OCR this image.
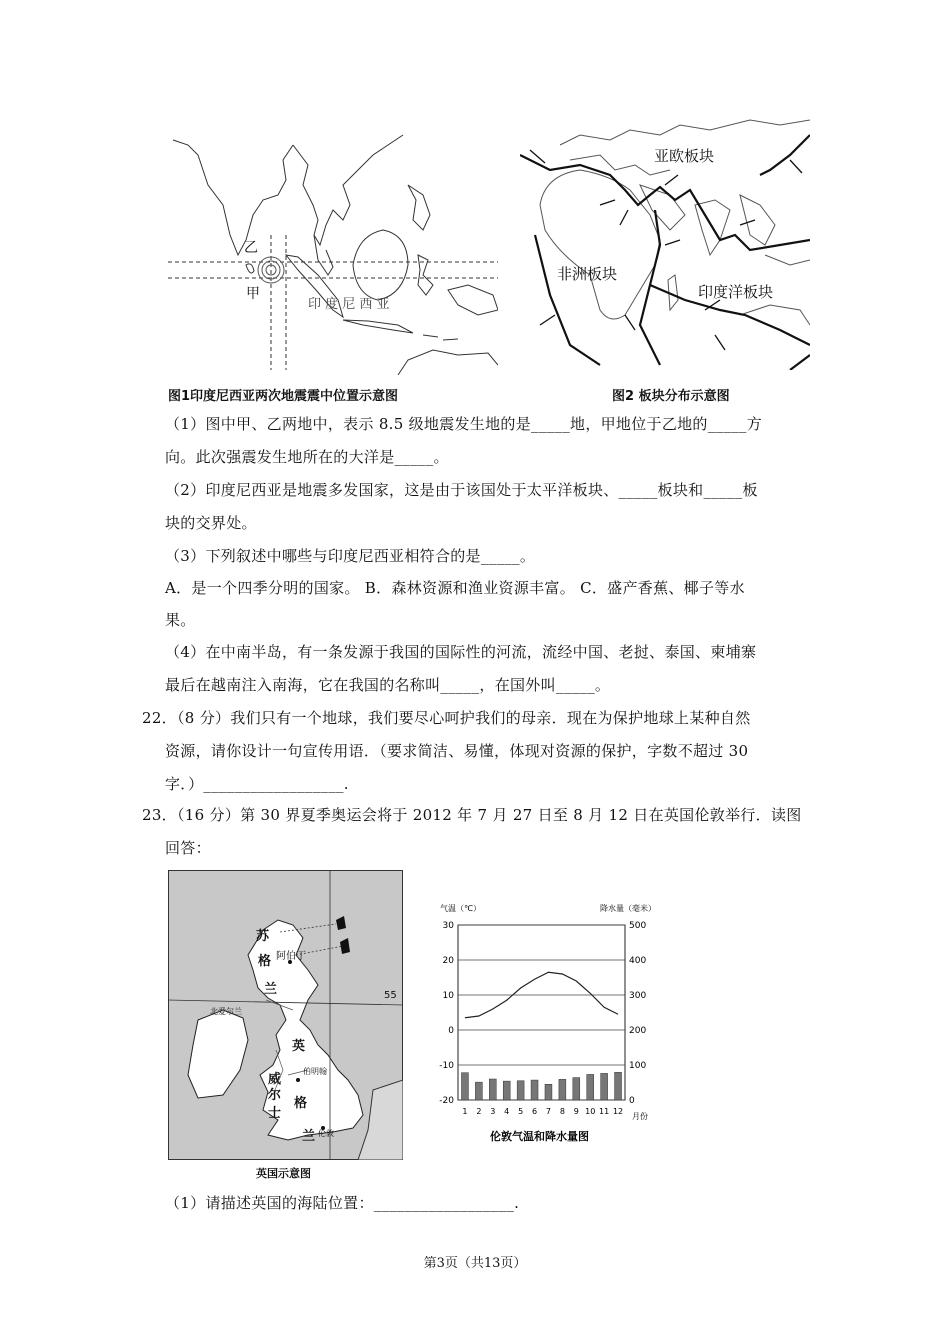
乙
甲
印 度 尼 西 亚
图1印度尼西亚两次地震震中位置示意图
亚欧板块
非洲板块
印度洋板块
图2 板块分布示意图
（1）图中甲、乙两地中，表示 8.5 级地震发生地的是_____地，甲地位于乙地的_____方
向。此次强震发生地所在的大洋是_____。
（2）印度尼西亚是地震多发国家，这是由于该国处于太平洋板块、_____板块和_____板
块的交界处。
（3）下列叙述中哪些与印度尼西亚相符合的是_____。
A．是一个四季分明的国家。 B．森林资源和渔业资源丰富。 C．盛产香蕉、椰子等水
果。
（4）在中南半岛，有一条发源于我国的国际性的河流，流经中国、老挝、泰国、柬埔寨
最后在越南注入南海，它在我国的名称叫_____，在国外叫_____。
22．（8 分）我们只有一个地球，我们要尽心呵护我们的母亲．现在为保护地球上某种自然
资源，请你设计一句宣传用语．（要求简洁、易懂，体现对资源的保护，字数不超过 30
字．）__________________.
23．（16 分）第 30 界夏季奥运会将于 2012 年 7 月 27 日至 8 月 12 日在英国伦敦举行．读图
回答：
苏
阿伯丁
格
兰
北爱尔兰
55
英
格
兰
威
尔
士
伯明翰
伦敦
英国示意图
气温（℃）	降水量（毫米）
30
20
10
0
-10
-20
500
400
300
200
100
0
1 2 3 4 5 6 7 8 9 10 11 12
月份
伦敦气温和降水量图
（1）请描述英国的海陆位置：__________________.
第3页（共13页）
